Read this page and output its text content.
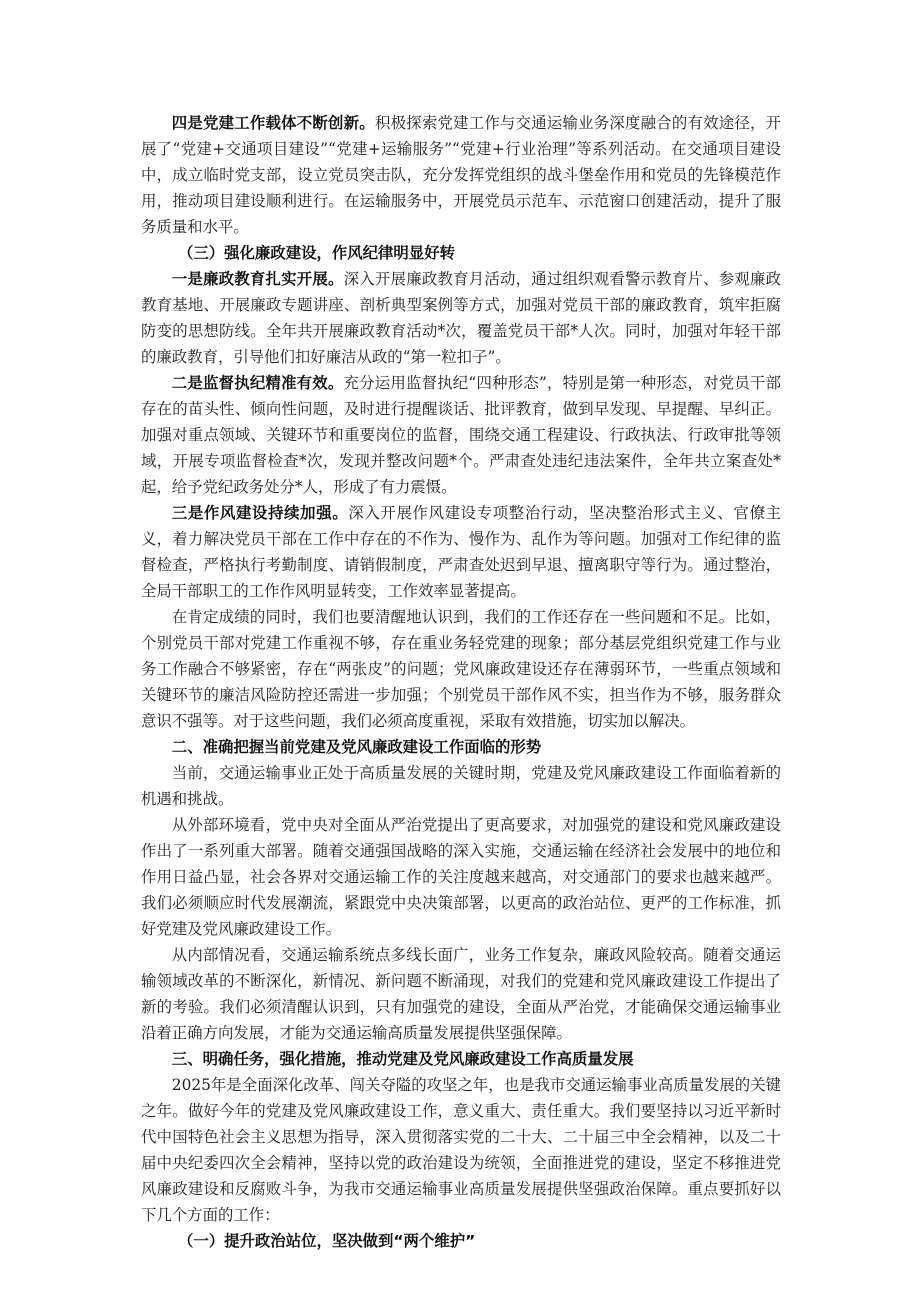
四是党建工作载体不断创新。积极探索党建工作与交通运输业务深度融合的有效途径，开展了“党建+交通项目建设”“党建+运输服务”“党建+行业治理”等系列活动。在交通项目建设中，成立临时党支部，设立党员突击队，充分发挥党组织的战斗堡垒作用和党员的先锋模范作用，推动项目建设顺利进行。在运输服务中，开展党员示范车、示范窗口创建活动，提升了服务质量和水平。

（三）强化廉政建设，作风纪律明显好转

一是廉政教育扎实开展。深入开展廉政教育月活动，通过组织观看警示教育片、参观廉政教育基地、开展廉政专题讲座、剖析典型案例等方式，加强对党员干部的廉政教育，筑牢拒腐防变的思想防线。全年共开展廉政教育活动*次，覆盖党员干部*人次。同时，加强对年轻干部的廉政教育，引导他们扣好廉洁从政的“第一粒扣子”。

二是监督执纪精准有效。充分运用监督执纪“四种形态”，特别是第一种形态，对党员干部存在的苗头性、倾向性问题，及时进行提醒谈话、批评教育，做到早发现、早提醒、早纠正。加强对重点领域、关键环节和重要岗位的监督，围绕交通工程建设、行政执法、行政审批等领域，开展专项监督检查*次，发现并整改问题*个。严肃查处违纪违法案件，全年共立案查处*起，给予党纪政务处分*人，形成了有力震慑。

三是作风建设持续加强。深入开展作风建设专项整治行动，坚决整治形式主义、官僚主义，着力解决党员干部在工作中存在的不作为、慢作为、乱作为等问题。加强对工作纪律的监督检查，严格执行考勤制度、请销假制度，严肃查处迟到早退、擅离职守等行为。通过整治，全局干部职工的工作作风明显转变，工作效率显著提高。

在肯定成绩的同时，我们也要清醒地认识到，我们的工作还存在一些问题和不足。比如，个别党员干部对党建工作重视不够，存在重业务轻党建的现象；部分基层党组织党建工作与业务工作融合不够紧密，存在“两张皮”的问题；党风廉政建设还存在薄弱环节，一些重点领域和关键环节的廉洁风险防控还需进一步加强；个别党员干部作风不实，担当作为不够，服务群众意识不强等。对于这些问题，我们必须高度重视，采取有效措施，切实加以解决。

二、准确把握当前党建及党风廉政建设工作面临的形势

当前，交通运输事业正处于高质量发展的关键时期，党建及党风廉政建设工作面临着新的机遇和挑战。

从外部环境看，党中央对全面从严治党提出了更高要求，对加强党的建设和党风廉政建设作出了一系列重大部署。随着交通强国战略的深入实施，交通运输在经济社会发展中的地位和作用日益凸显，社会各界对交通运输工作的关注度越来越高，对交通部门的要求也越来越严。我们必须顺应时代发展潮流，紧跟党中央决策部署，以更高的政治站位、更严的工作标准，抓好党建及党风廉政建设工作。

从内部情况看，交通运输系统点多线长面广，业务工作复杂，廉政风险较高。随着交通运输领域改革的不断深化，新情况、新问题不断涌现，对我们的党建和党风廉政建设工作提出了新的考验。我们必须清醒认识到，只有加强党的建设，全面从严治党，才能确保交通运输事业沿着正确方向发展，才能为交通运输高质量发展提供坚强保障。

三、明确任务，强化措施，推动党建及党风廉政建设工作高质量发展

2025年是全面深化改革、闯关夺隘的攻坚之年，也是我市交通运输事业高质量发展的关键之年。做好今年的党建及党风廉政建设工作，意义重大、责任重大。我们要坚持以习近平新时代中国特色社会主义思想为指导，深入贯彻落实党的二十大、二十届三中全会精神，以及二十届中央纪委四次全会精神，坚持以党的政治建设为统领，全面推进党的建设，坚定不移推进党风廉政建设和反腐败斗争，为我市交通运输事业高质量发展提供坚强政治保障。重点要抓好以下几个方面的工作：

（一）提升政治站位，坚决做到“两个维护”
